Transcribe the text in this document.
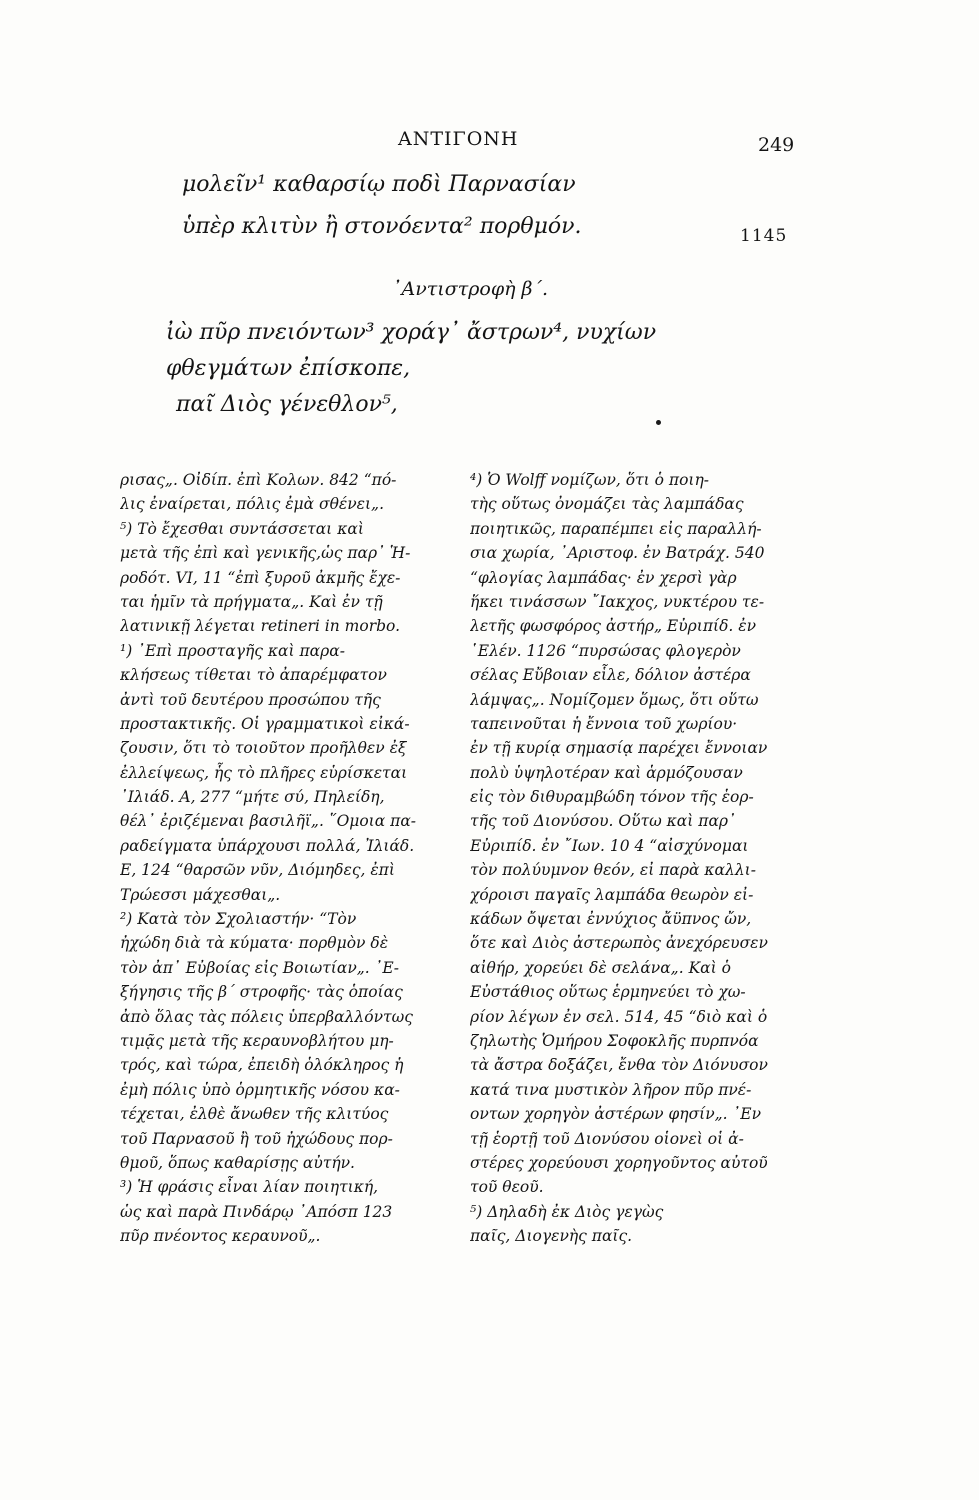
ΑΝΤΙΓΟΝΗ	249
μολεῖν¹ καθαρσίῳ ποδὶ Παρνασίαν
ὑπὲρ κλιτὺν ἢ στονόεντα² πορθμόν.	1145
᾽Αντιστροφὴ β΄.
ἰὼ πῦρ πνειόντων³ χοράγ᾽ ἄστρων⁴, νυχίων
φθεγμάτων ἐπίσκοπε,
παῖ Διὸς γένεθλον⁵,
ρισας„. Οἰδίπ. ἐπὶ Κολων. 842 “πό-
λις ἐναίρεται, πόλις ἐμὰ σθένει„.
⁵) Τὸ ἔχεσθαι συντάσσεται καὶ
μετὰ τῆς ἐπὶ καὶ γενικῆς,ὡς παρ᾽ Ἡ-
ροδότ. VI, 11 “ἐπὶ ξυροῦ ἀκμῆς ἔχε-
ται ἡμῖν τὰ πρήγματα„. Καὶ ἐν τῇ
λατινικῇ λέγεται retineri in morbo.
¹) ᾽Επὶ προσταγῆς καὶ παρα-
κλήσεως τίθεται τὸ ἀπαρέμφατον
ἀντὶ τοῦ δευτέρου προσώπου τῆς
προστακτικῆς. Οἱ γραμματικοὶ εἰκά-
ζουσιν, ὅτι τὸ τοιοῦτον προῆλθεν ἐξ
ἐλλείψεως, ἧς τὸ πλῆρες εὑρίσκεται
᾽Ιλιάδ. Α, 277 “μήτε σύ, Πηλείδη,
θέλ᾽ ἐριζέμεναι βασιλῆϊ„. ῞Ομοια πα-
ραδείγματα ὑπάρχουσι πολλά, Ἰλιάδ.
Ε, 124 “θαρσῶν νῦν, Διόμηδες, ἐπὶ
Τρώεσσι μάχεσθαι„.
²) Κατὰ τὸν Σχολιαστήν· “Τὸν
ἠχώδη διὰ τὰ κύματα· πορθμὸν δὲ
τὸν ἀπ᾽ Εὐβοίας εἰς Βοιωτίαν„. ᾽Ε-
ξήγησις τῆς β΄ στροφῆς· τὰς ὁποίας
ἀπὸ ὅλας τὰς πόλεις ὑπερβαλλόντως
τιμᾷς μετὰ τῆς κεραυνοβλήτου μη-
τρός, καὶ τώρα, ἐπειδὴ ὁλόκληρος ἡ
ἐμὴ πόλις ὑπὸ ὁρμητικῆς νόσου κα-
τέχεται, ἐλθὲ ἄνωθεν τῆς κλιτύος
τοῦ Παρνασοῦ ἢ τοῦ ἠχώδους πορ-
θμοῦ, ὅπως καθαρίσῃς αὐτήν.
³) Ἡ φράσις εἶναι λίαν ποιητική,
ὡς καὶ παρὰ Πινδάρῳ ᾽Απόσπ 123
πῦρ πνέοντος κεραυνοῦ„.
⁴) Ὁ Wolff νομίζων, ὅτι ὁ ποιη-
τὴς οὕτως ὀνομάζει τὰς λαμπάδας
ποιητικῶς, παραπέμπει εἰς παραλλή-
σια χωρία, ᾽Αριστοφ. ἐν Βατράχ. 540
“φλογίας λαμπάδας· ἐν χερσὶ γὰρ
ἥκει τινάσσων ῎Ιακχος, νυκτέρου τε-
λετῆς φωσφόρος ἀστήρ„ Εὐριπίδ. ἐν
῾Ελέν. 1126 “πυρσώσας φλογερὸν
σέλας Εὔβοιαν εἷλε, δόλιον ἀστέρα
λάμψας„. Νομίζομεν ὅμως, ὅτι οὕτω
ταπεινοῦται ἡ ἔννοια τοῦ χωρίου·
ἐν τῇ κυρίᾳ σημασίᾳ παρέχει ἔννοιαν
πολὺ ὑψηλοτέραν καὶ ἁρμόζουσαν
εἰς τὸν διθυραμβώδη τόνον τῆς ἑορ-
τῆς τοῦ Διονύσου. Οὕτω καὶ παρ᾽
Εὐριπίδ. ἐν ῎Ιων. 10 4 “αἰσχύνομαι
τὸν πολύυμνον θεόν, εἰ παρὰ καλλι-
χόροισι παγαῖς λαμπάδα θεωρὸν εἰ-
κάδων ὄψεται ἐννύχιος ἄϋπνος ὤν,
ὅτε καὶ Διὸς ἀστερωπὸς ἀνεχόρευσεν
αἰθήρ, χορεύει δὲ σελάνα„. Καὶ ὁ
Εὐστάθιος οὕτως ἑρμηνεύει τὸ χω-
ρίον λέγων ἐν σελ. 514, 45 “διὸ καὶ ὁ
ζηλωτὴς Ὁμήρου Σοφοκλῆς πυρπνόα
τὰ ἄστρα δοξάζει, ἔνθα τὸν Διόνυσον
κατά τινα μυστικὸν λῆρον πῦρ πνέ-
οντων χορηγὸν ἀστέρων φησίν„. ᾽Εν
τῇ ἑορτῇ τοῦ Διονύσου οἱονεὶ οἱ ἀ-
στέρες χορεύουσι χορηγοῦντος αὐτοῦ
τοῦ θεοῦ.
⁵) Δηλαδὴ ἐκ Διὸς γεγὼς
παῖς, Διογενὴς παῖς.
